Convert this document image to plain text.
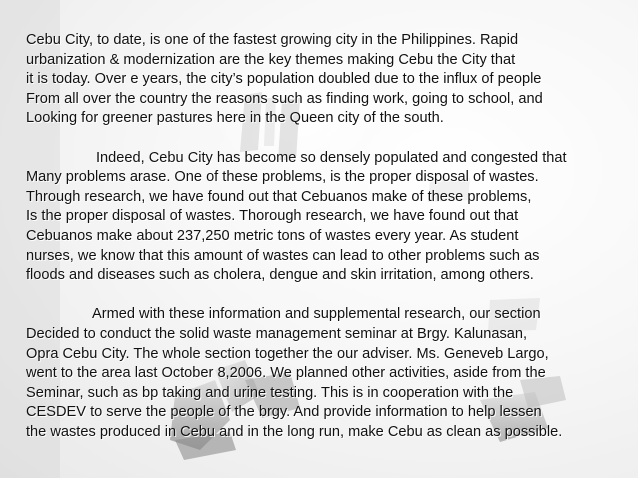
Cebu City, to date, is one of the fastest growing city in the Philippines. Rapid
urbanization & modernization are the key themes making Cebu the City that
it is today. Over e years, the city’s population doubled due to the influx of people
From all over the country the reasons such as finding work, going to school, and
Looking for greener pastures here in the Queen city of the south.
Indeed, Cebu City has become so densely populated and congested that
Many problems arase. One of these problems, is the proper disposal of wastes.
Through research, we have found out that Cebuanos make of these problems,
Is the proper disposal of wastes. Thorough research, we have found out that
Cebuanos make about 237,250 metric tons of wastes every year. As student
nurses, we know that this amount of wastes can lead to other problems such as
floods and diseases such as cholera, dengue and skin irritation, among others.
Armed with these information and supplemental research, our section
Decided to conduct the solid waste management seminar at Brgy. Kalunasan,
Opra Cebu City. The whole section together the our adviser. Ms. Geneveb Largo,
went to the area last October 8,2006. We planned other activities, aside from the
Seminar, such as bp taking and urine testing. This is in cooperation with the
CESDEV to serve the people of the brgy. And provide information to help lessen
the wastes produced in Cebu and in the long run, make Cebu as clean as possible.
